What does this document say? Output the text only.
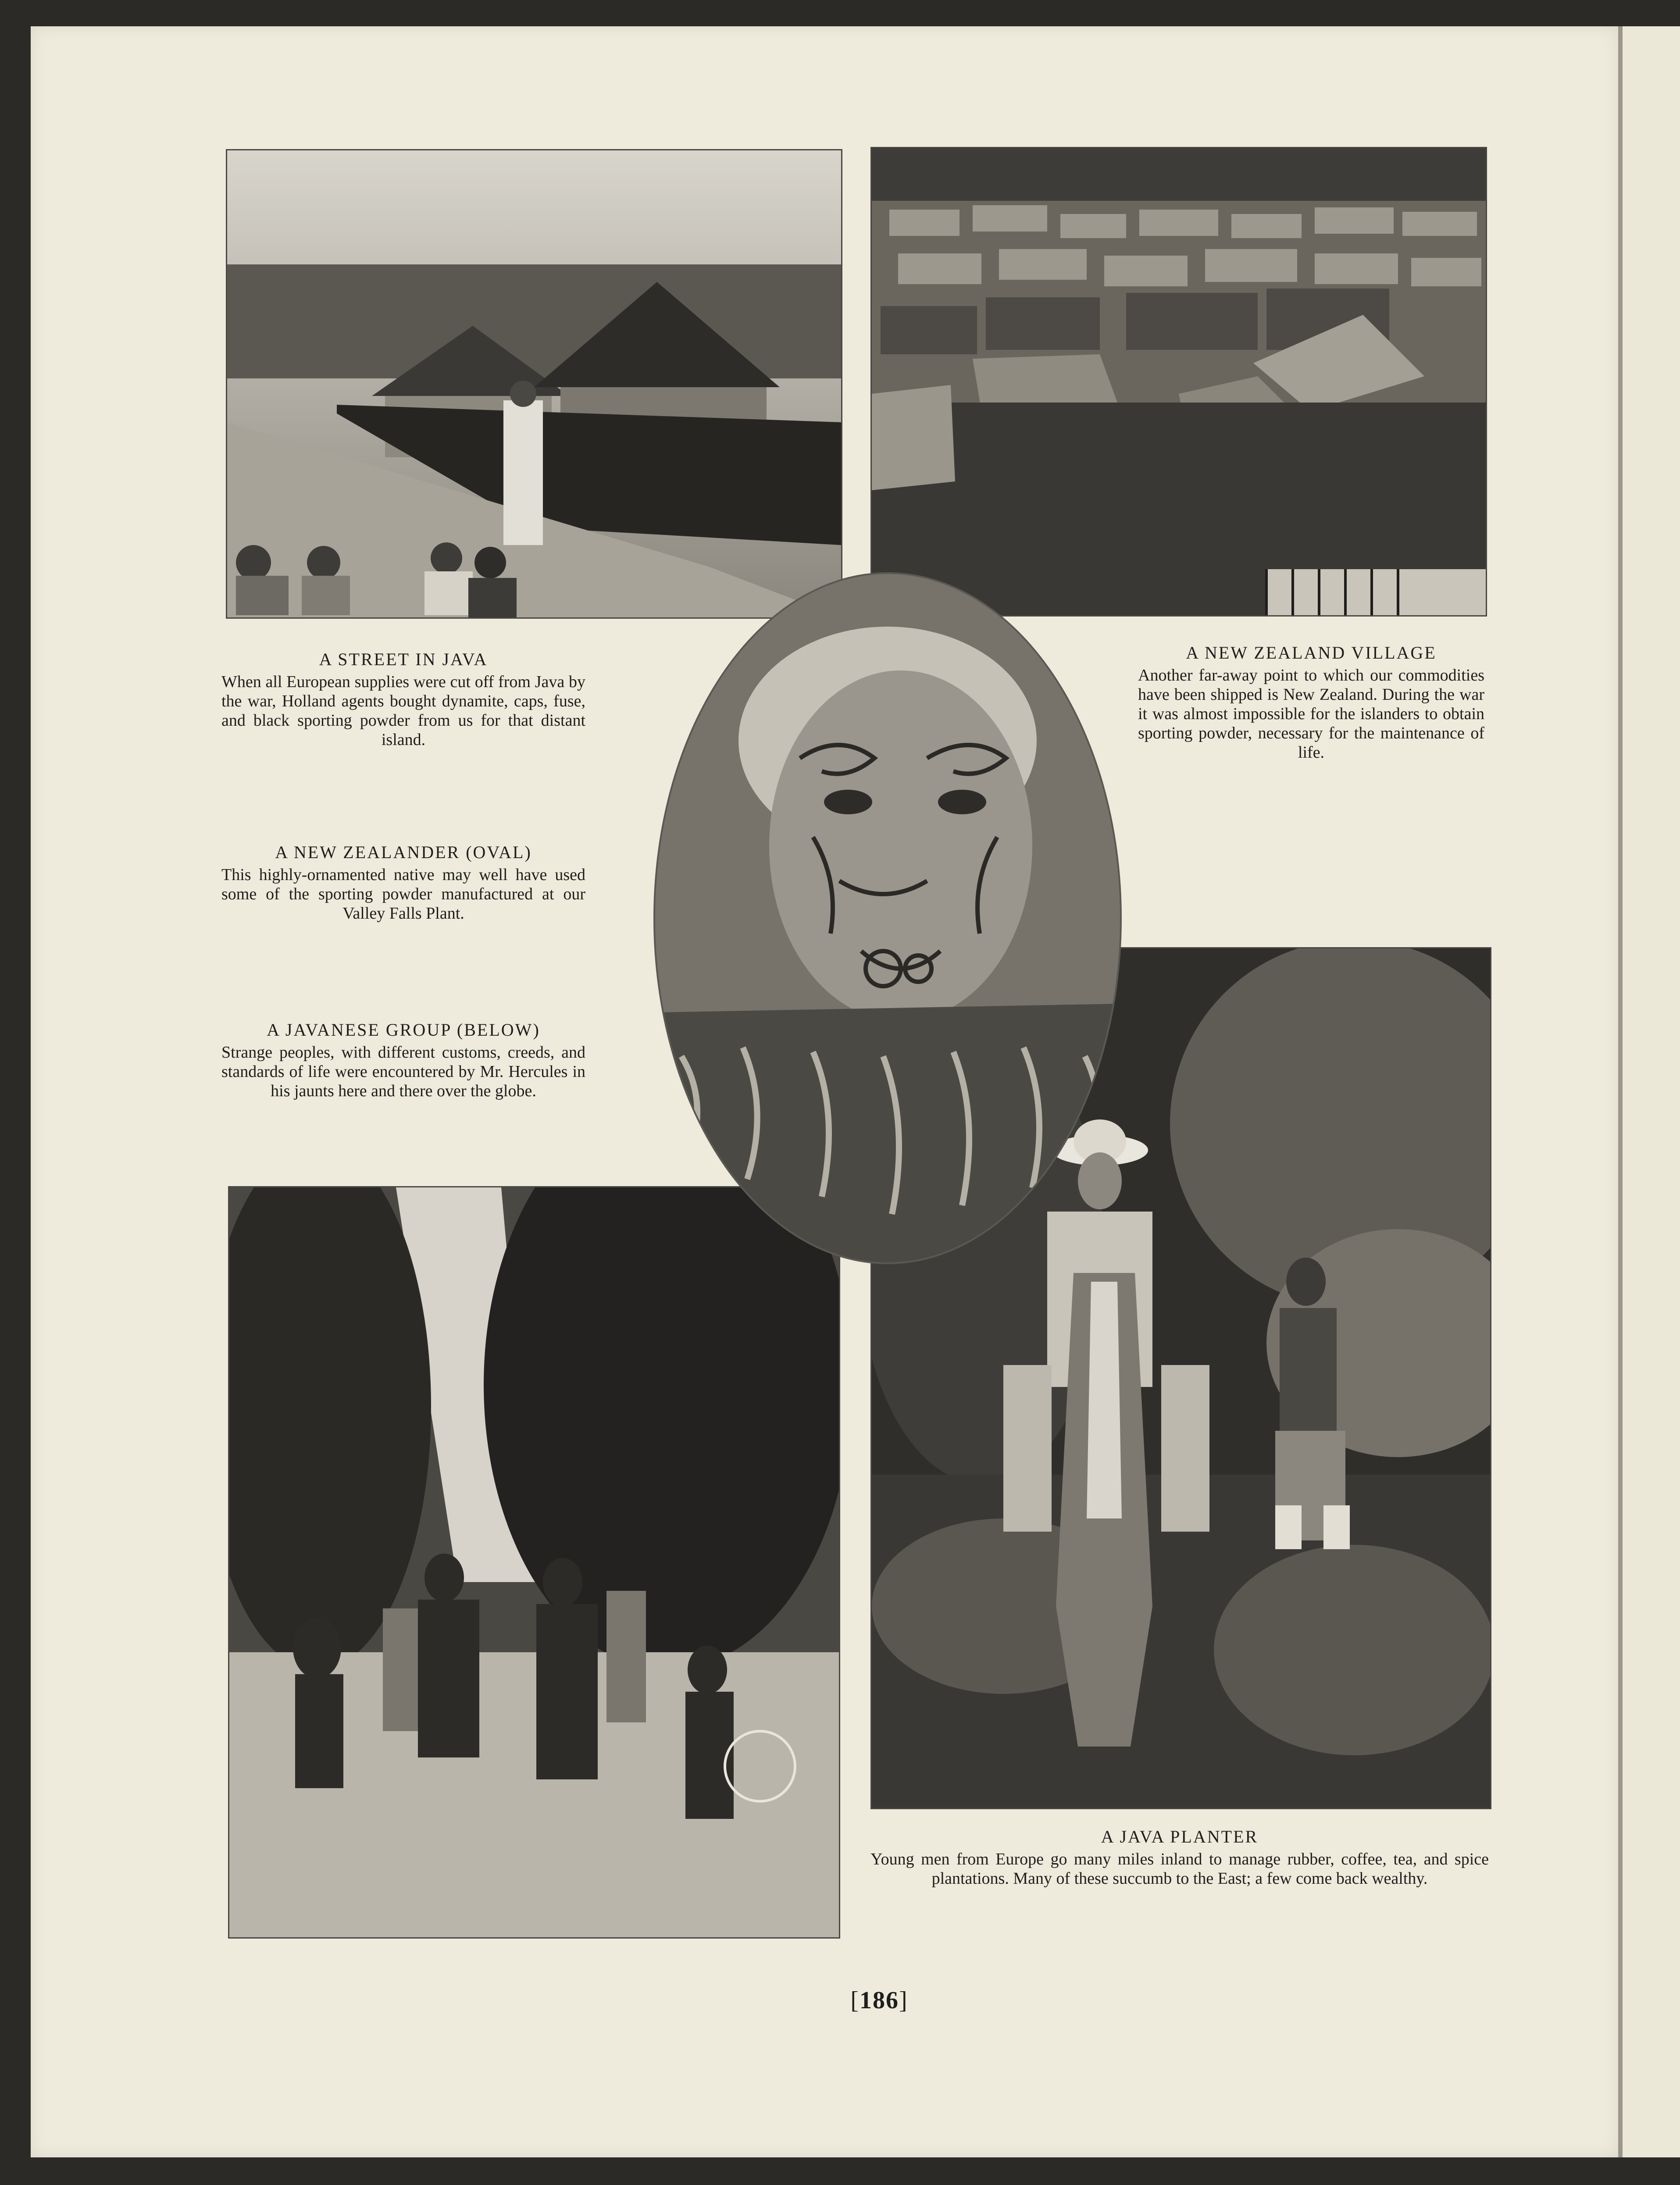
A STREET IN JAVA
When all European supplies were cut off from Java by the war, Holland agents bought dynamite, caps, fuse, and black sporting powder from us for that distant island.
A NEW ZEALANDER (OVAL)
This highly-ornamented native may well have used some of the sporting powder manufactured at our Valley Falls Plant.
A JAVANESE GROUP (BELOW)
Strange peoples, with different customs, creeds, and standards of life were encountered by Mr. Hercules in his jaunts here and there over the globe.
A NEW ZEALAND VILLAGE
Another far-away point to which our commodities have been shipped is New Zealand. During the war it was almost impossible for the islanders to obtain sporting powder, necessary for the maintenance of life.
A JAVA PLANTER
Young men from Europe go many miles inland to manage rubber, coffee, tea, and spice plantations. Many of these succumb to the East; a few come back wealthy.
[186]
